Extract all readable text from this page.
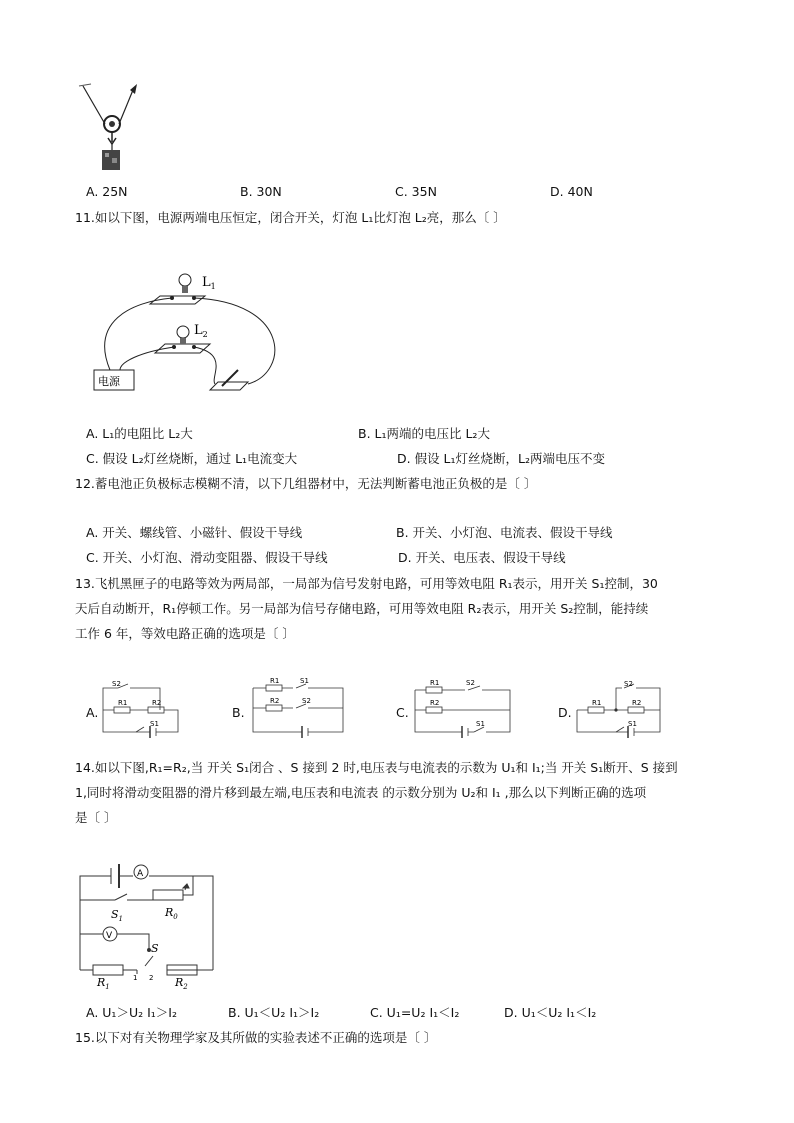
A. 25N	B. 30N	C. 35N	D. 40N
11.如以下图，电源两端电压恒定，闭合开关，灯泡 L₁比灯泡 L₂亮，那么〔 〕
$L_1$
$L_2$
电源
A. L₁的电阻比 L₂大	B. L₁两端的电压比 L₂大
C. 假设 L₂灯丝烧断，通过 L₁电流变大	D. 假设 L₁灯丝烧断，L₂两端电压不变
12.蓄电池正负极标志模糊不清，以下几组器材中，无法判断蓄电池正负极的是〔 〕
A. 开关、螺线管、小磁针、假设干导线	B. 开关、小灯泡、电流表、假设干导线
C. 开关、小灯泡、滑动变阻器、假设干导线	D. 开关、电压表、假设干导线
13.飞机黑匣子的电路等效为两局部，一局部为信号发射电路，可用等效电阻 R₁表示，用开关 S₁控制，30
天后自动断开，R₁停顿工作。另一局部为信号存储电路，可用等效电阻 R₂表示，用开关 S₂控制，能持续
工作 6 年，等效电路正确的选项是〔 〕
A.
S2
R1	R2
S1
B.
R1	S1
R2	S2
C.
R1	S2
R2
S1
D.
R1
S2
R2
S1
14.如以下图,R₁=R₂,当 开关 S₁闭合 、S 接到 2 时,电压表与电流表的示数为 U₁和 I₁;当 开关 S₁断开、S 接到
1,同时将滑动变阻器的滑片移到最左端,电压表和电流表 的示数分别为 U₂和 I₁ ,那么以下判断正确的选项
是〔 〕
A
V
$S_1$	$R_0$
S
$R_1$	$R_2$
1 2
A. U₁＞U₂ I₁＞I₂	B. U₁＜U₂ I₁＞I₂	C. U₁=U₂ I₁＜I₂	D. U₁＜U₂ I₁＜I₂
15.以下对有关物理学家及其所做的实验表述不正确的选项是〔 〕
